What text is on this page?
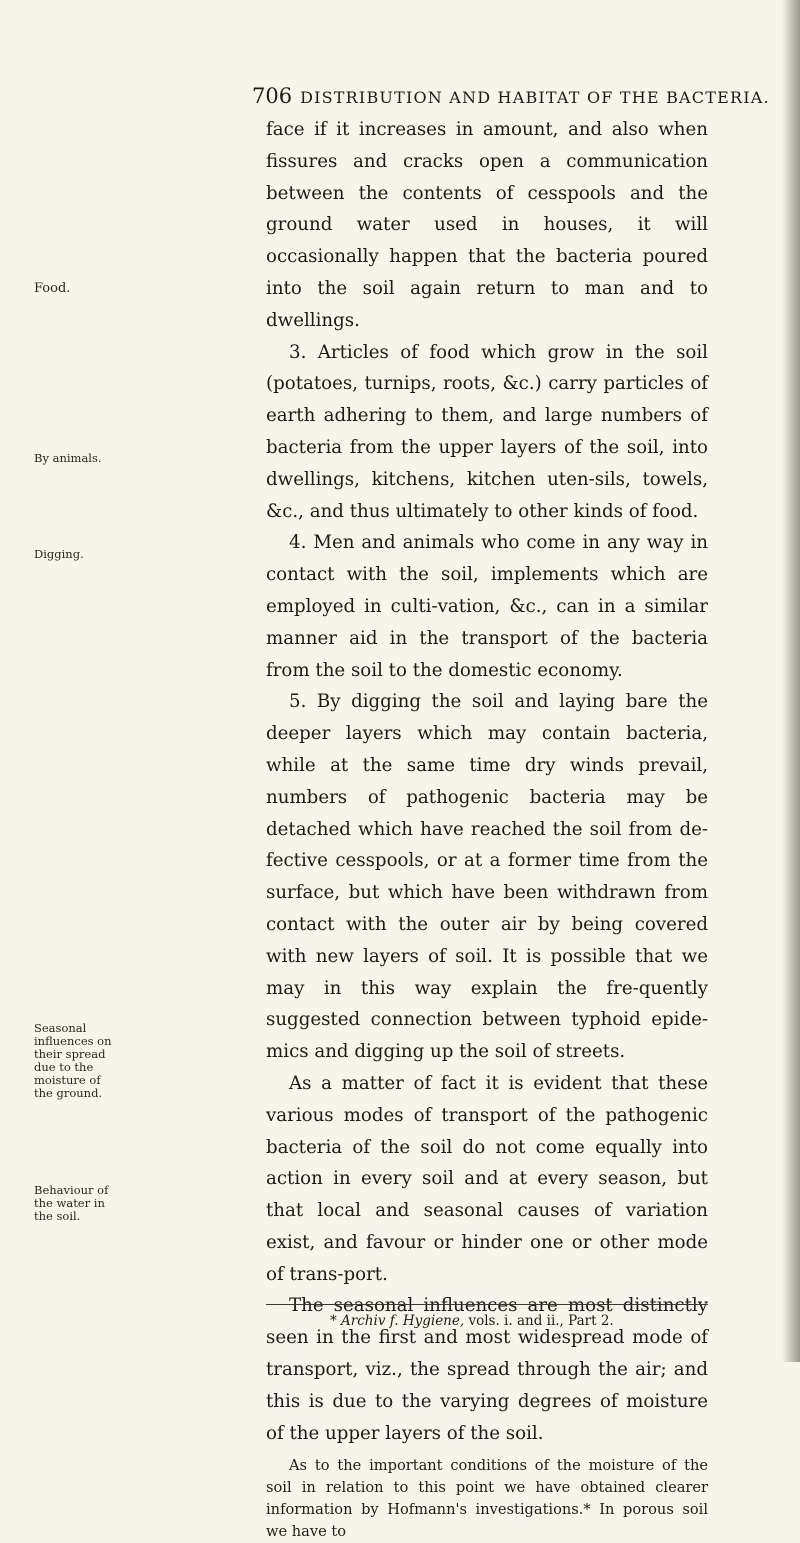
706 DISTRIBUTION AND HABITAT OF THE BACTERIA.
Food.
By animals.
Digging.
Seasonal
influences on
their spread
due to the
moisture of
the ground.
Behaviour of
the water in
the soil.

face if it increases in amount, and also when fissures and cracks open a communication between the contents of cesspools and the ground water used in houses, it will occasionally happen that the bacteria poured into the soil again return to man and to dwellings.

3. Articles of food which grow in the soil (potatoes, turnips, roots, &c.) carry particles of earth adhering to them, and large numbers of bacteria from the upper layers of the soil, into dwellings, kitchens, kitchen uten-sils, towels, &c., and thus ultimately to other kinds of food.

4. Men and animals who come in any way in contact with the soil, implements which are employed in culti-vation, &c., can in a similar manner aid in the transport of the bacteria from the soil to the domestic economy.

5. By digging the soil and laying bare the deeper layers which may contain bacteria, while at the same time dry winds prevail, numbers of pathogenic bacteria may be detached which have reached the soil from de-fective cesspools, or at a former time from the surface, but which have been withdrawn from contact with the outer air by being covered with new layers of soil. It is possible that we may in this way explain the fre-quently suggested connection between typhoid epide-mics and digging up the soil of streets.

As a matter of fact it is evident that these various modes of transport of the pathogenic bacteria of the soil do not come equally into action in every soil and at every season, but that local and seasonal causes of variation exist, and favour or hinder one or other mode of trans-port.

The seasonal influences are most distinctly seen in the first and most widespread mode of transport, viz., the spread through the air; and this is due to the varying degrees of moisture of the upper layers of the soil.

As to the important conditions of the moisture of the soil in relation to this point we have obtained clearer information by Hofmann's investigations.* In porous soil we have to

* Archiv f. Hygiene, vols. i. and ii., Part 2.
